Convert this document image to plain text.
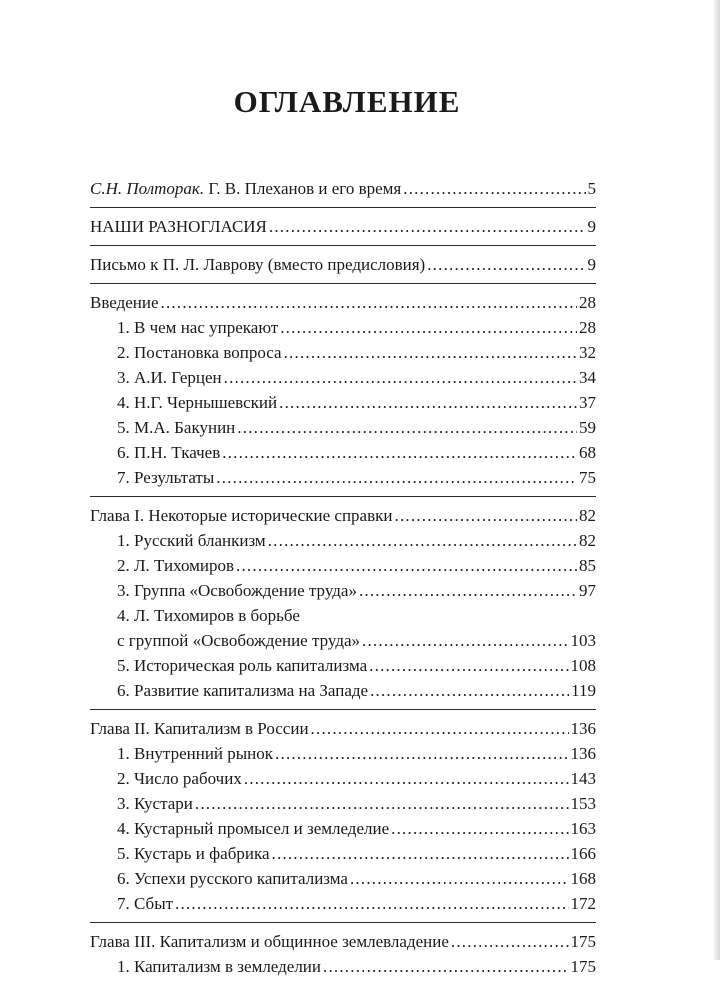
ОГЛАВЛЕНИЕ
С.Н. Полторак. Г. В. Плеханов и его время .....	5
НАШИ РАЗНОГЛАСИЯ .....	9
Письмо к П. Л. Лаврову (вместо предисловия) .....	9
Введение .....	28
1. В чем нас упрекают .....	28
2. Постановка вопроса .....	32
3. А.И. Герцен .....	34
4. Н.Г. Чернышевский .....	37
5. М.А. Бакунин .....	59
6. П.Н. Ткачев .....	68
7. Результаты .....	75
Глава I. Некоторые исторические справки .....	82
1. Русский бланкизм .....	82
2. Л. Тихомиров .....	85
3. Группа «Освобождение труда» .....	97
4. Л. Тихомиров в борьбе
с группой «Освобождение труда» .....	103
5. Историческая роль капитализма .....	108
6. Развитие капитализма на Западе .....	119
Глава II. Капитализм в России .....	136
1. Внутренний рынок .....	136
2. Число рабочих .....	143
3. Кустари .....	153
4. Кустарный промысел и земледелие .....	163
5. Кустарь и фабрика .....	166
6. Успехи русского капитализма .....	168
7. Сбыт .....	172
Глава III. Капитализм и общинное землевладение .....	175
1. Капитализм в земледелии .....	175
